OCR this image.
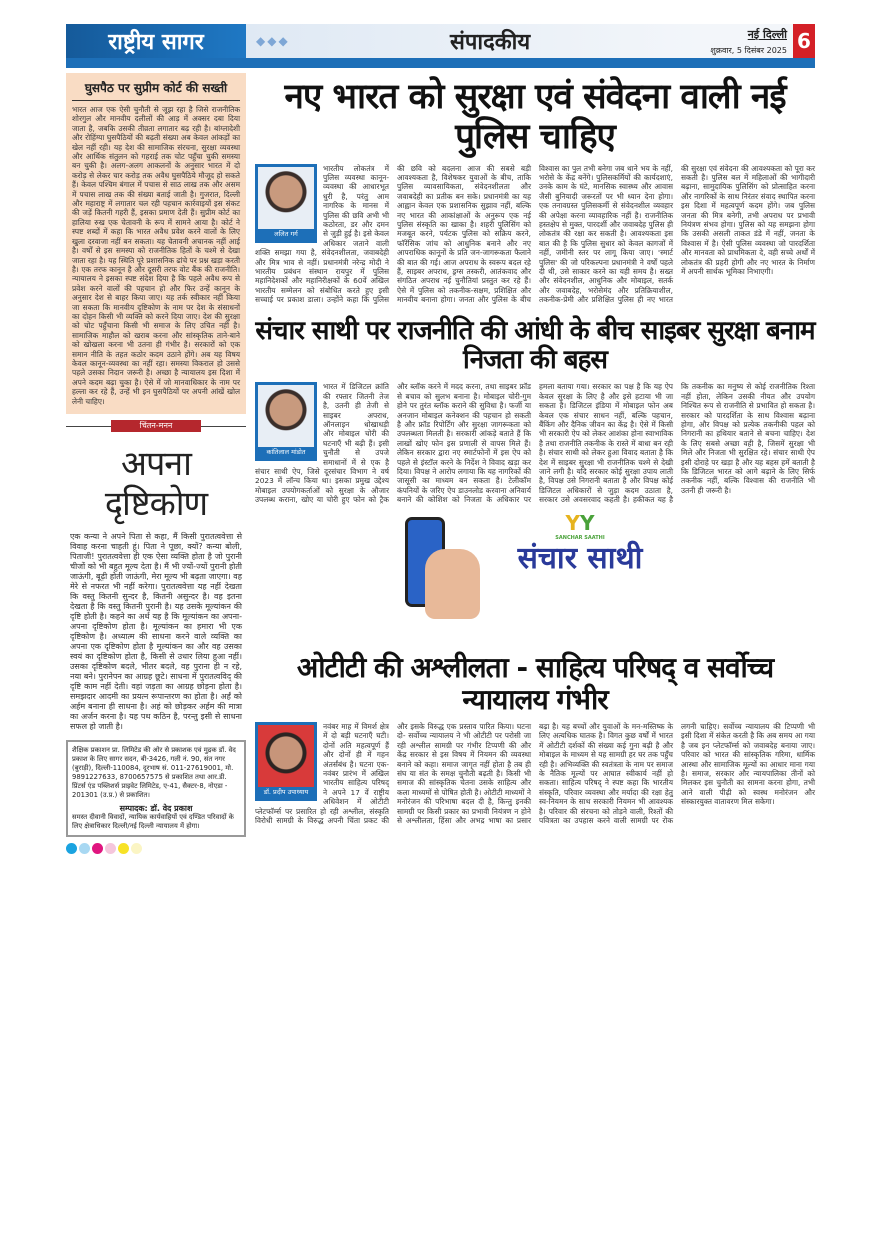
राष्ट्रीय सागर	◆◆◆	संपादकीय	नई दिल्ली
शुक्रवार, 5 दिसंबर 2025 6
web: rashtriyasagar.com
घुसपैठ पर सुप्रीम कोर्ट की सख्ती
भारत आज एक ऐसी चुनौती से जूझ रहा है जिसे राजनीतिक शोरगुल और मानवीय दलीलों की आड़ में अक्सर दबा दिया जाता है, जबकि उसकी तीव्रता लगातार बढ़ रही है। बांग्लादेशी और रोहिंग्या घुसपैठियों की बढ़ती संख्या अब केवल आंकड़ों का खेल नहीं रही। यह देश की सामाजिक संरचना, सुरक्षा व्यवस्था और आर्थिक संतुलन को गहराई तक चोट पहुँचा चुकी समस्या बन चुकी है। अलग-अलग आकलनों के अनुसार भारत में दो करोड़ से लेकर चार करोड़ तक अवैध घुसपैठिये मौजूद हो सकते हैं। केवल पश्चिम बंगाल में पचास से साठ लाख तक और असम में पचास लाख तक की संख्या बताई जाती है। गुजरात, दिल्ली और महाराष्ट्र में लगातार चल रही पहचान कार्रवाइयों इस संकट की जड़ें कितनी गहरी हैं, इसका प्रमाण देती हैं। सुप्रीम कोर्ट का हालिया रुख एक चेतावनी के रूप में सामने आया है। कोर्ट ने स्पष्ट शब्दों में कहा कि भारत अवैध प्रवेश करने वालों के लिए खुला दरवाजा नहीं बन सकता। यह चेतावनी अचानक नहीं आई है। वर्षों से इस समस्या को राजनीतिक हितों के चश्मे से देखा जाता रहा है। यह स्थिति पूरे प्रशासनिक ढांचे पर प्रश्न खड़ा करती है। एक तरफ कानून है और दूसरी तरफ वोट बैंक की राजनीति। न्यायालय ने इसका स्पष्ट संदेश दिया है कि पहले अवैध रूप से प्रवेश करने वालों की पहचान हो और फिर उन्हें कानून के अनुसार देश से बाहर किया जाए। यह तर्क स्वीकार नहीं किया जा सकता कि मानवीय दृष्टिकोण के नाम पर देश के संसाधनों का दोहन किसी भी व्यक्ति को करने दिया जाए। देश की सुरक्षा को चोट पहुँचाना किसी भी समाज के लिए उचित नहीं है। सामाजिक माहौल को खराब करना और सांस्कृतिक ताने-बाने को खोखला करना भी उतना ही गंभीर है। सरकारों को एक समान नीति के तहत कठोर कदम उठाने होंगे। अब यह विषय केवल कानून-व्यवस्था का नहीं रहा। समस्या विकराल हो उससे पहले उसका निदान जरूरी है। अच्छा है न्यायालय इस दिशा में अपने कदम बढ़ा चुका है। ऐसे में जो मानवाधिकार के नाम पर हल्ला कर रहे हैं, उन्हें भी इन घुसपैठियों पर अपनी आंखें खोल लेनी चाहिए।
चिंतन-मनन
अपना दृष्टिकोण
एक कन्या ने अपने पिता से कहा, मैं किसी पुरातत्ववेत्ता से विवाह करना चाहती हूं। पिता ने पूछा, क्यों? कन्या बोली, पिताजी! पुरातत्ववेत्ता ही एक ऐसा व्यक्ति होता है जो पुरानी चीजों को भी बहुत मूल्य देता है। मैं भी ज्यों-ज्यों पुरानी होती जाऊंगी, बूढ़ी होती जाऊंगी, मेरा मूल्य भी बढ़ता जाएगा। वह मेरे से नफरत भी नहीं करेगा। पुरातत्ववेत्ता यह नहीं देखता कि वस्तु कितनी सुन्दर है, कितनी असुन्दर है। वह इतना देखता है कि वस्तु कितनी पुरानी है। यह उसके मूल्यांकन की दृष्टि होती है। कहने का अर्थ यह है कि मूल्यांकन का अपना-अपना दृष्टिकोण होता है। मूल्यांकन का हमारा भी एक दृष्टिकोण है। अध्यात्म की साधना करने वाले व्यक्ति का अपना एक दृष्टिकोण होता है मूल्यांकन का और वह उसका स्वयं का दृष्टिकोण होता है, किसी से उधार लिया हुआ नहीं। उसका दृष्टिकोण बदले, भीतर बदले, वह पुराना ही न रहे, नया बने। पुरानेपन का आग्रह छूटे। साधना में पुरातत्वविद् की दृष्टि काम नहीं देती। वहां जड़ता का आग्रह छोड़ना होता है। समझदार आदमी का प्रयत्न रूपान्तरण का होता है। अर्हं को अर्हम बनाना ही साधना है। अहं को छोड़कर अर्हम की मात्रा का अर्जन करना है। यह पथ कठिन है, परन्तु इसी से साधना सफल हो जाती है।
शैक्षिक प्रकाशन प्रा. लिमिटेड की ओर से प्रकाशक एवं मुद्रक डॉ. वेद प्रकाश के लिए सागर सदन, बी-3426, गली नं. 90, संत नगर (बुराड़ी), दिल्ली-110084, दूरभाष सं. 011-27619001, मो. 9891227633, 8700657575 से प्रकाशित तथा आर.डी. प्रिंटर्स एंड पब्लिशर्स प्राइवेट लिमिटेड, ए-41, सैक्टर-8, नोएडा - 201301 (उ.प्र.) से प्रकाशित।
सम्पादक: डॉ. वेद प्रकाश
समस्त दीवानी विवादों, न्यायिक कार्यवाहियों एवं दण्डित परिवादों के लिए क्षेत्राधिकार दिल्ली/नई दिल्ली न्यायालय में होगा।
नए भारत को सुरक्षा एवं संवेदना वाली नई पुलिस चाहिए
ललित गर्ग
भारतीय लोकतंत्र में पुलिस व्यवस्था कानून-व्यवस्था की आधारभूत धुरी है, परंतु आम नागरिक के मानस में पुलिस की छवि अभी भी कठोरता, डर और दमन से जुड़ी हुई है। इसे केवल अधिकार जताने वाली शक्ति समझा गया है, संवेदनशीलता, जवाबदेही और मित्र भाव से नहीं। प्रधानमंत्री नरेन्द्र मोदी ने भारतीय प्रबंधन संस्थान रायपुर में पुलिस महानिदेशकों और महानिरीक्षकों के 60वें अखिल भारतीय सम्मेलन को संबोधित करते हुए इसी सच्चाई पर प्रकाश डाला। उन्होंने कहा कि पुलिस की छवि को बदलना आज की सबसे बड़ी आवश्यकता है, विशेषकर युवाओं के बीच, ताकि पुलिस व्यावसायिकता, संवेदनशीलता और जवाबदेही का प्रतीक बन सके। प्रधानमंत्री का यह आह्वान केवल एक प्रशासनिक सुझाव नहीं, बल्कि नए भारत की आकांक्षाओं के अनुरूप एक नई पुलिस संस्कृति का खाका है। शहरी पुलिसिंग को मजबूत करने, पर्यटक पुलिस को सक्रिय करने, फॉरेंसिक जांच को आधुनिक बनाने और नए आपराधिक कानूनों के प्रति जन-जागरूकता फैलाने की बात की गई। आज अपराध के स्वरूप बदल रहे हैं, साइबर अपराध, ड्रग्स तस्करी, आतंकवाद और संगठित अपराध नई चुनौतियां प्रस्तुत कर रहे हैं। ऐसे में पुलिस को तकनीक-सक्षम, प्रशिक्षित और मानवीय बनाना होगा। जनता और पुलिस के बीच विश्वास का पुल तभी बनेगा जब थाने भय के नहीं, भरोसे के केंद्र बनेंगे। पुलिसकर्मियों की कार्यदशाएं, उनके काम के घंटे, मानसिक स्वास्थ्य और आवास जैसी बुनियादी जरूरतों पर भी ध्यान देना होगा। एक तनावग्रस्त पुलिसकर्मी से संवेदनशील व्यवहार की अपेक्षा करना व्यावहारिक नहीं है। राजनीतिक हस्तक्षेप से मुक्त, पारदर्शी और जवाबदेह पुलिस ही लोकतंत्र की रक्षा कर सकती है। आवश्यकता इस बात की है कि पुलिस सुधार को केवल कागजों में नहीं, जमीनी स्तर पर लागू किया जाए। 'स्मार्ट पुलिस' की जो परिकल्पना प्रधानमंत्री ने वर्षों पहले दी थी, उसे साकार करने का यही समय है। सख्त और संवेदनशील, आधुनिक और मोबाइल, सतर्क और जवाबदेह, भरोसेमंद और प्रतिक्रियाशील, तकनीक-प्रेमी और प्रशिक्षित पुलिस ही नए भारत की सुरक्षा एवं संवेदना की आवश्यकता को पूरा कर सकती है। पुलिस बल में महिलाओं की भागीदारी बढ़ाना, सामुदायिक पुलिसिंग को प्रोत्साहित करना और नागरिकों के साथ निरंतर संवाद स्थापित करना इस दिशा में महत्वपूर्ण कदम होंगे। जब पुलिस जनता की मित्र बनेगी, तभी अपराध पर प्रभावी नियंत्रण संभव होगा। पुलिस को यह समझना होगा कि उसकी असली ताकत डंडे में नहीं, जनता के विश्वास में है। ऐसी पुलिस व्यवस्था जो पारदर्शिता और मानवता को प्राथमिकता दे, वही सच्चे अर्थों में लोकतंत्र की प्रहरी होगी और नए भारत के निर्माण में अपनी सार्थक भूमिका निभाएगी।
संचार साथी पर राजनीति की आंधी के बीच साइबर सुरक्षा बनाम निजता की बहस
कांतिलाल मांडोत
भारत में डिजिटल क्रांति की रफ्तार जितनी तेज है, उतनी ही तेजी से साइबर अपराध, ऑनलाइन धोखाधड़ी और मोबाइल चोरी की घटनाएँ भी बढ़ी हैं। इसी चुनौती से उपजे समाधानों में से एक है संचार साथी ऐप, जिसे दूरसंचार विभाग ने वर्ष 2023 में लॉन्च किया था। इसका प्रमुख उद्देश्य मोबाइल उपयोगकर्ताओं को सुरक्षा के औजार उपलब्ध कराना, खोए या चोरी हुए फोन को ट्रैक और ब्लॉक करने में मदद करना, तथा साइबर फ्रॉड से बचाव को सुलभ बनाना है। मोबाइल चोरी-गुम होने पर तुरंत ब्लॉक कराने की सुविधा है। फर्जी या अनजान मोबाइल कनेक्शन की पहचान हो सकती है और फ्रॉड रिपोर्टिंग और सुरक्षा जागरूकता को उपलब्धता मिलती है। सरकारी आंकड़े बताते हैं कि लाखों खोए फोन इस प्रणाली से वापस मिले हैं। लेकिन सरकार द्वारा नए स्मार्टफोनों में इस ऐप को पहले से इंस्टॉल करने के निर्देश ने विवाद खड़ा कर दिया। विपक्ष ने आरोप लगाया कि यह नागरिकों की जासूसी का माध्यम बन सकता है। टेलीकॉम कंपनियों के जरिए ऐप डाउनलोड करवाना अनिवार्य बनाने की कोशिश को निजता के अधिकार पर हमला बताया गया। सरकार का पक्ष है कि यह ऐप केवल सुरक्षा के लिए है और इसे हटाया भी जा सकता है। डिजिटल इंडिया में मोबाइल फोन अब केवल एक संचार साधन नहीं, बल्कि पहचान, बैंकिंग और दैनिक जीवन का केंद्र है। ऐसे में किसी भी सरकारी ऐप को लेकर आशंका होना स्वाभाविक है तथा राजनीति तकनीक के रास्ते में बाधा बन रही है। संचार साथी को लेकर हुआ विवाद बताता है कि देश में साइबर सुरक्षा भी राजनीतिक चश्मे से देखी जाने लगी है। यदि सरकार कोई सुरक्षा उपाय लाती है, विपक्ष उसे निगरानी बताता है और विपक्ष कोई डिजिटल अधिकारों से जुड़ा कदम उठाता है, सरकार उसे अवसरवाद कहती है। हकीकत यह है कि तकनीक का मनुष्य से कोई राजनीतिक रिश्ता नहीं होता, लेकिन उसकी नीयत और उपयोग निश्चित रूप से राजनीति से प्रभावित हो सकता है। सरकार को पारदर्शिता के साथ विश्वास बढ़ाना होगा, और विपक्ष को प्रत्येक तकनीकी पहल को निगरानी का हथियार बताने से बचना चाहिए। देश के लिए सबसे अच्छा वही है, जिसमें सुरक्षा भी मिले और निजता भी सुरक्षित रहे। संचार साथी ऐप इसी दोराहे पर खड़ा है और यह बहस हमें बताती है कि डिजिटल भारत को आगे बढ़ाने के लिए सिर्फ तकनीक नहीं, बल्कि विश्वास की राजनीति भी उतनी ही जरूरी है।
YY
SANCHAR SAATHI
संचार साथी
ओटीटी की अश्लीलता - साहित्य परिषद् व सर्वोच्च न्यायालय गंभीर
डॉ. प्रदीप उपाध्याय
नवंबर माह में विमर्श क्षेत्र में दो बड़ी घटनाएँ घटी। दोनों अति महत्वपूर्ण हैं और दोनों ही में गहन अंतर्संबंध है। घटना एक- नवंबर प्रारंभ में अखिल भारतीय साहित्य परिषद् ने अपने 17 वें राष्ट्रीय अधिवेशन में ओटीटी प्लेटफॉर्म्स पर प्रसारित हो रही अश्लील, संस्कृति विरोधी सामग्री के विरुद्ध अपनी चिंता प्रकट की और इसके विरुद्ध एक प्रस्ताव पारित किया। घटना दो- सर्वोच्च न्यायालय ने भी ओटीटी पर परोसी जा रही अश्लील सामग्री पर गंभीर टिप्पणी की और केंद्र सरकार से इस विषय में नियमन की व्यवस्था बनाने को कहा। समाज जागृत नहीं होता है तब ही संघ या संत के समक्ष चुनौती बढ़ती है। किसी भी समाज की सांस्कृतिक चेतना उसके साहित्य और कला माध्यमों से पोषित होती है। ओटीटी माध्यमों ने मनोरंजन की परिभाषा बदल दी है, किन्तु इनकी सामग्री पर किसी प्रकार का प्रभावी नियंत्रण न होने से अश्लीलता, हिंसा और अभद्र भाषा का प्रसार बढ़ा है। यह बच्चों और युवाओं के मन-मस्तिष्क के लिए अत्यधिक घातक है। विगत कुछ वर्षों में भारत में ओटीटी दर्शकों की संख्या कई गुना बढ़ी है और मोबाइल के माध्यम से यह सामग्री हर घर तक पहुँच रही है। अभिव्यक्ति की स्वतंत्रता के नाम पर समाज के नैतिक मूल्यों पर आघात स्वीकार्य नहीं हो सकता। साहित्य परिषद् ने स्पष्ट कहा कि भारतीय संस्कृति, परिवार व्यवस्था और मर्यादा की रक्षा हेतु स्व-नियमन के साथ सरकारी नियमन भी आवश्यक है। परिवार की संरचना को तोड़ने वाली, रिश्तों की पवित्रता का उपहास करने वाली सामग्री पर रोक लगनी चाहिए। सर्वोच्च न्यायालय की टिप्पणी भी इसी दिशा में संकेत करती है कि अब समय आ गया है जब इन प्लेटफॉर्म्स को जवाबदेह बनाया जाए। परिवार को भारत की सांस्कृतिक गरिमा, धार्मिक आस्था और सामाजिक मूल्यों का आधार माना गया है। समाज, सरकार और न्यायपालिका तीनों को मिलकर इस चुनौती का सामना करना होगा, तभी आने वाली पीढ़ी को स्वस्थ मनोरंजन और संस्कारयुक्त वातावरण मिल सकेगा।
